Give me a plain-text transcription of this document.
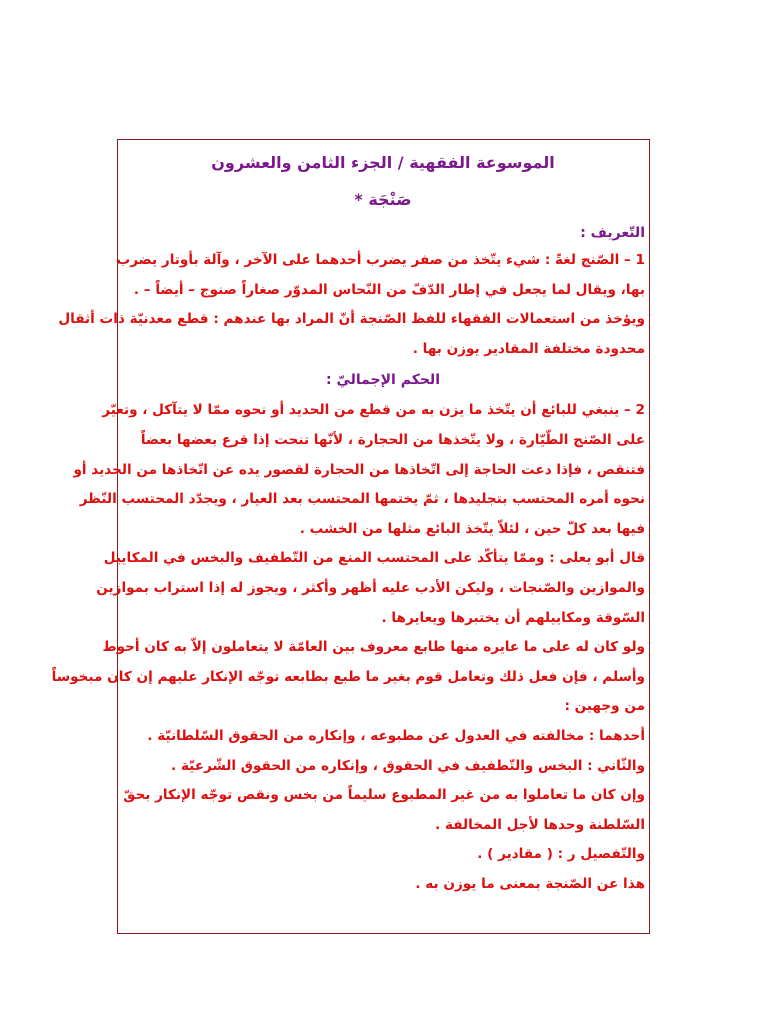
الموسوعة الفقهية / الجزء الثامن والعشرون
صَنْجَة *
التّعريف :
1 – الصّنج لغةً : شيء يتّخذ من صفر يضرب أحدهما على الآخر ، وآلة بأوتار يضرب
بها، ويقال لما يجعل في إطار الدّفّ من النّحاس المدوّر صغاراً صنوج – أيضاً – .
ويؤخذ من استعمالات الفقهاء للفظ الصّنجة أنّ المراد بها عندهم : قطع معدنيّة ذات أثقال
محدودة مختلفة المقادير يوزن بها .
الحكم الإجماليّ :
2 – ينبغي للبائع أن يتّخذ ما يزن به من قطع من الحديد أو نحوه ممّا لا يتآكل ، وتعيّر
على الصّنج الطّيّارة ، ولا يتّخذها من الحجارة ، لأنّها تنحت إذا قرع بعضها بعضاً
فتنقص ، فإذا دعت الحاجة إلى اتّخاذها من الحجارة لقصور يده عن اتّخاذها من الحديد أو
نحوه أمره المحتسب بتجليدها ، ثمّ يختمها المحتسب بعد العيار ، ويجدّد المحتسب النّظر
فيها بعد كلّ حين ، لئلاّ يتّخذ البائع مثلها من الخشب .
قال أبو يعلى : وممّا يتأكّد على المحتسب المنع من التّطفيف والبخس في المكاييل
والموازين والصّنجات ، وليكن الأدب عليه أظهر وأكثر ، ويجوز له إذا استراب بموازين
السّوقة ومكاييلهم أن يختبرها ويعايرها .
ولو كان له على ما عايره منها طابع معروف بين العامّة لا يتعاملون إلاّ به كان أحوط
وأسلم ، فإن فعل ذلك وتعامل قوم بغير ما طبع بطابعه توجّه الإنكار عليهم إن كان مبخوساً
من وجهين :
أحدهما : مخالفته في العدول عن مطبوعه ، وإنكاره من الحقوق السّلطانيّة .
والثّاني : البخس والتّطفيف في الحقوق ، وإنكاره من الحقوق الشّرعيّة .
وإن كان ما تعاملوا به من غير المطبوع سليماً من بخس ونقص توجّه الإنكار بحقّ
السّلطنة وحدها لأجل المخالفة .
والتّفصيل ر : ( مقادير ) .
هذا عن الصّنجة بمعنى ما يوزن به .
